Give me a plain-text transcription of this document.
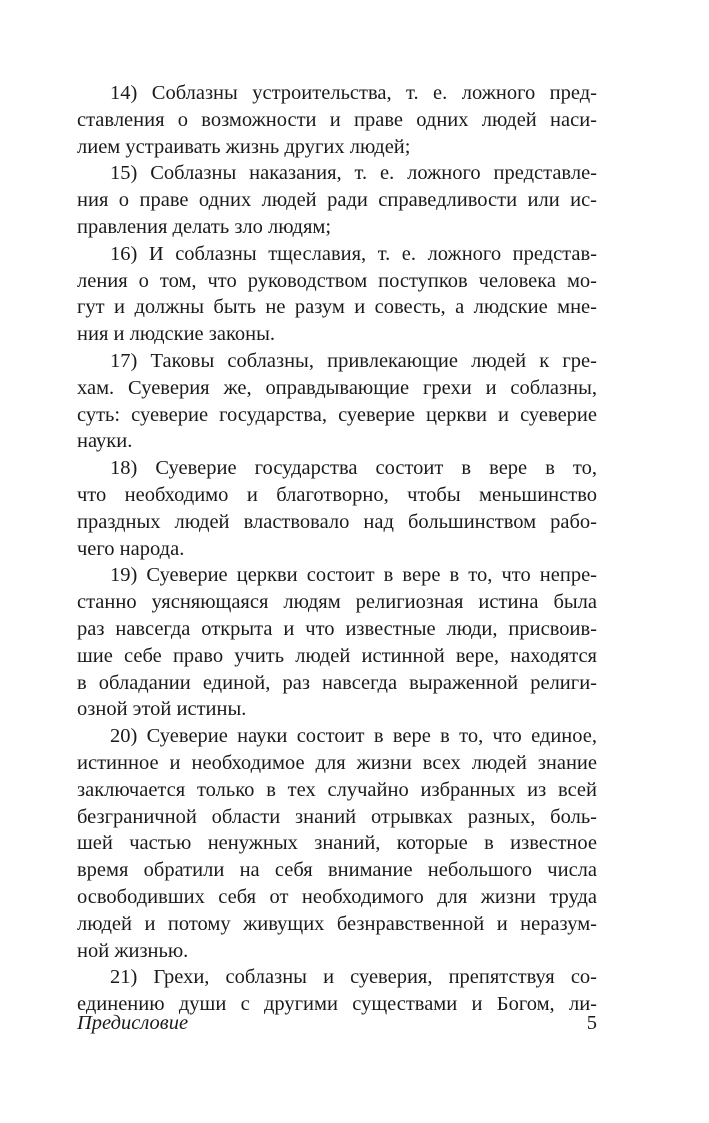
14) Соблазны устроительства, т. е. ложного пред-
ставления о возможности и праве одних людей наси-
лием устраивать жизнь других людей;
15) Соблазны наказания, т. е. ложного представле-
ния о праве одних людей ради справедливости или ис-
правления делать зло людям;
16) И соблазны тщеславия, т. е. ложного представ-
ления о том, что руководством поступков человека мо-
гут и должны быть не разум и совесть, а людские мне-
ния и людские законы.
17) Таковы соблазны, привлекающие людей к гре-
хам. Суеверия же, оправдывающие грехи и соблазны,
суть: суеверие государства, суеверие церкви и суеверие
науки.
18) Суеверие государства состоит в вере в то,
что необходимо и благотворно, чтобы меньшинство
праздных людей властвовало над большинством рабо-
чего народа.
19) Суеверие церкви состоит в вере в то, что непре-
станно уясняющаяся людям религиозная истина была
раз навсегда открыта и что известные люди, присвоив-
шие себе право учить людей истинной вере, находятся
в обладании единой, раз навсегда выраженной религи-
озной этой истины.
20) Суеверие науки состоит в вере в то, что единое,
истинное и необходимое для жизни всех людей знание
заключается только в тех случайно избранных из всей
безграничной области знаний отрывках разных, боль-
шей частью ненужных знаний, которые в известное
время обратили на себя внимание небольшого числа
освободивших себя от необходимого для жизни труда
людей и потому живущих безнравственной и неразум-
ной жизнью.
21) Грехи, соблазны и суеверия, препятствуя со-
единению души с другими существами и Богом, ли-
Предисловие	5
